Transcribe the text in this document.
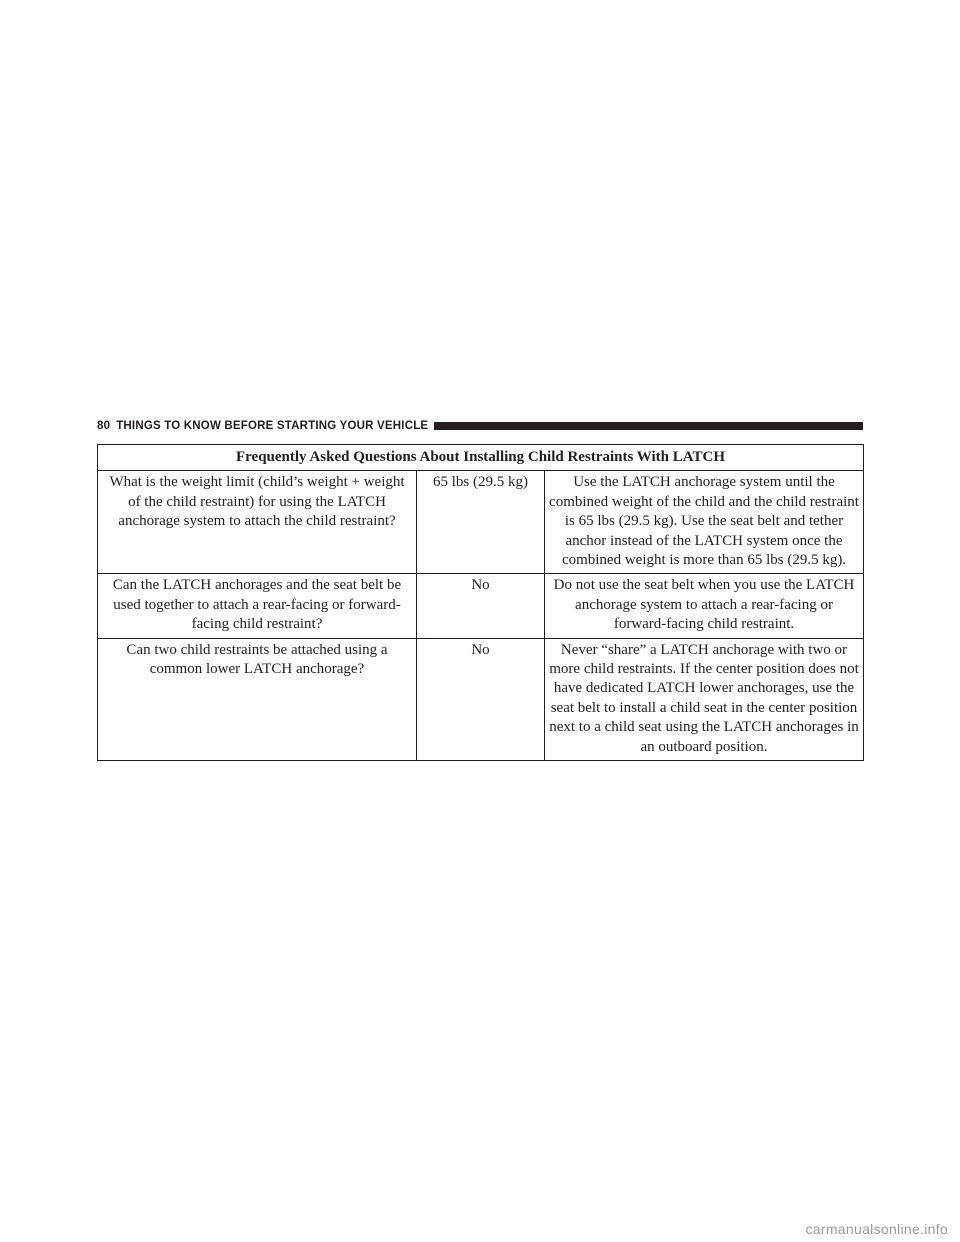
80 THINGS TO KNOW BEFORE STARTING YOUR VEHICLE
Frequently Asked Questions About Installing Child Restraints With LATCH		
What is the weight limit (child’s weight + weight of the child restraint) for using the LATCH anchorage system to attach the child restraint?	65 lbs (29.5 kg)	Use the LATCH anchorage system until the combined weight of the child and the child restraint is 65 lbs (29.5 kg). Use the seat belt and tether anchor instead of the LATCH system once the combined weight is more than 65 lbs (29.5 kg).
Can the LATCH anchorages and the seat belt be used together to attach a rear-facing or forward-facing child restraint?	No	Do not use the seat belt when you use the LATCH anchorage system to attach a rear-facing or forward-facing child restraint.
Can two child restraints be attached using a common lower LATCH anchorage?	No	Never “share” a LATCH anchorage with two or more child restraints. If the center position does not have dedicated LATCH lower anchorages, use the seat belt to install a child seat in the center position next to a child seat using the LATCH anchorages in an outboard position.
carmanualsonline.info
